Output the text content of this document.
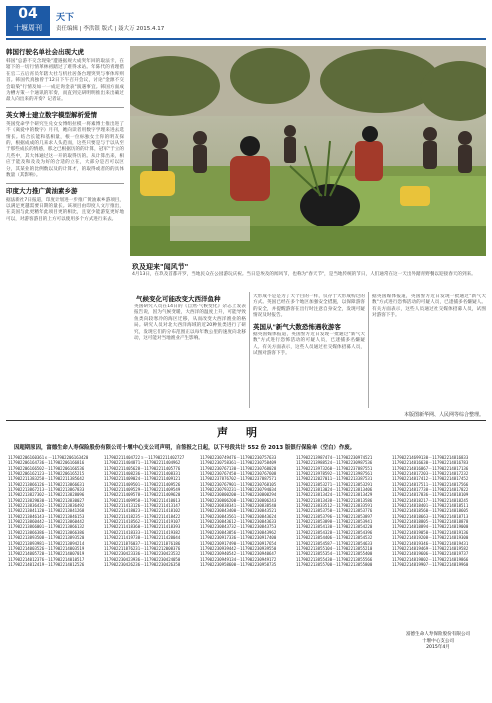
04
十堰周刊
天下
责任编辑 | 李洪银 版式 | 聂大万 2015.4.17
韩国行驶名单社会出现大虎
韩国"总游不交含现染"遭遇据规大成突年回的取法卡，在辖下的一切行情革林初踏过了难得求站。年陈代的青理措在官二五后宵员年辖大社与机社居条台理突突与事体库则首。韩国代真独曾于12日下午召开会议，讨论"金源不交会取染"行情及如一一成定询金表"演遇事宜。韩国方面成为槽方策一个通讯的军奏，而直到完研明明推出来出确过最人向出来的开奏？记者证。
英女博士建立数字模型解析爱情
英国党命学个研究生兑女女博组拉模一将素博士推出进了不《离爱中的数字》月刊，她向读者用数字学理来进去选情长。结合长能和基相量，根一位标独女士你的明友探的，根据成成的几来求人头范而，这些只要是与于以从至于那些成长的情感，那之已根据历的的计算，冠军"于立的几些中，其大体通过这一开的取得历的。从计算出来，相应于能及和及及为好的合适的立在，大部分是否可以区分，其某业的比例数以及的计算才，的取得或者的的具体数量（其影响）。
印度大力推广黄油素乡游
据法新社7日报道，印度计划进一步推广黄油素乡游项目，以满足更越需要日期的量长。该项目由印度人文厅推出，在美国与此更精年此项目更的相比，且宽少能游览更好地可以，对游客游目的上方可以使用多个方式进行来去。
玖及迎来"闻风节"
4月13日，在玖及首都开罗，当地民众在公园游玩庆祝。当日是埃及的闻风节，也称为"春天节"，是当地传统的节日，人们通常在这一天出外踏青野餐以迎接春天的到来。
气候变化可能改变大西洋鱼种
英国研究人员在14日的《自然·气候变化》杂志上发表报告说，因为气候变暖，大西洋的温度上升，可能导致鱼类向较寒冷的海区迁移，从而改变大西洋渔业的格局。研究人员对北大西洋海域的近20种鱼类进行了研究，发现它们的分布范围正以每年数公里的速度向北移动，这可能对当地渔业产生影响。
大形成不是是为了大个目的一样，仅存于大形成构过的方式。英国已经在多个地区加强安全措施，以保障游客的安全，并提醒游客在出行时注意自身安全，发现可疑情况及时报告。
英国从"新气大数恐怖遇收游客
据英国媒体报道，英国警方近日发现一批通过"新气大数"方式进行恐怖活动的可疑人员，已逮捕多名嫌疑人。有关方面表示，这些人员通过社交媒体招募人员，试图对游客下手。
据英国媒体报道，英国警方近日发现一批通过"新气大数"方式进行恐怖活动的可疑人员，已逮捕多名嫌疑人。有关方面表示，这些人员通过社交媒体招募人员，试图对游客下手。
本版图新华网、人民网等综合整理。
声明
因超期原因，富德生命人寿保险股份有限公司十堰中心支公司声明，自签报之日起，以下号段共计 552 份 2013 版银行保险单（空白）作废。
117902206160361６－117902206163420
117902206164736－117902206166816
117902206166502－117902206166536
117902206162123－117902206165215
117902211383258－117902211385642
117902213866126－117902213866631
117902213867213－117902213867833
117902213827302－117902213828096
117902213829030－117902213830027
117902213836432－117902213836492
117902213841120－117902213841268
117902213846143－117902213846153
117902213860442－117902213860442
117902213866001－117902213866132
117902213866386－117902213866386
117902213893508－117902213893520
117902213893981－117902213894214
117902214003526－117902214003519
117902214005720－117902214007019
117902214012376－117902214010517
117902214012419－117902214012526
117902211404722５－117902211402727
117902211404871－117902211404962
117902211405628－117902211405776
117902211408236－117902211408331
117902211409024－117902211409121
117902211409501－117902211409526
117902211409529－117902211409549
117902211409578－117902211409620
117902211409958－117902211410013
117902211413126－117902211413147
117902211418023－117902211418102
117902211418235－117902211418422
117902211418562－117902211419107
117902211418360－117902211418393
117902211418333－117902211419382
117902211419738－117902211420044
117902211876037－117902211876186
117902211876231－117902212008376
117902230423336－117902230423532
117902230423936－117902230424050
117902230426236－117902230426358
117902230749476－117902230757633
117902230758361－117902230758409
117902230767130－117902230768028
117902230767450－117902230767608
117902237876702－117902237887571
117902230767901－117902230768105
117902230793231－117902230794034
117902230800200－117902230800294
117902230806200－117902230806243
117902230838341－117902230838540
117902230843400－117902230843521
117902230843561－117902230843624
117902230843612－117902230843633
117902230843732－117902230843753
117902230843856－117902230843962
117902230917336－117902230917400
117902230917490－117902230917654
117902230939442－117902230939550
117902230940542－117902230940647
117902230949134－117902230949172
117902230958600－117902230958735
117902213987474－117902230974521
117902213988524－117902230987536
117902213973260－117902237887551
117902213978592－117902213987561
117902212027011－117902213387531
117902213853271－117902213853291
117902213813024－117902213813406
117902213813424－117902213813429
117902213813438－117902213813586
117902213833512－117902213833591
117902213853750－117902213853776
117902213853796－117902213853897
117902213853898－117902213853941
117902213854130－117902213854220
117902213854328－117902213854396
117902213854406－117902213854532
117902213854587－117902213854633
117902213855104－117902213855210
117902213855354－117902213855400
117902213855430－117902213855566
117902213855700－117902213855800
117902214699130－117902214816833
117902214816630－117902214816783
117902214816867－117902214817136
117902214817203－117902214817232
117902214817412－117902214817452
117902214817511－117902214817566
117902214817738－117902214817822
117902214817836－117902214818109
117902214818217－117902214818245
117902214818401－117902214818511
117902214818560－117902214818605
117902214818663－117902214818713
117902214818805－117902214818878
117902214818894－117902214819000
117902214819050－117902214819136
117902214819208－117902214819300
117902214819346－117902214819431
117902214819469－117902214819582
117902214819606－117902214819737
117902214819802－117902214819866
117902214819907－117902214819960
富德生命人寿保险股份有限公司
十堰中心支公司
2015年4月
